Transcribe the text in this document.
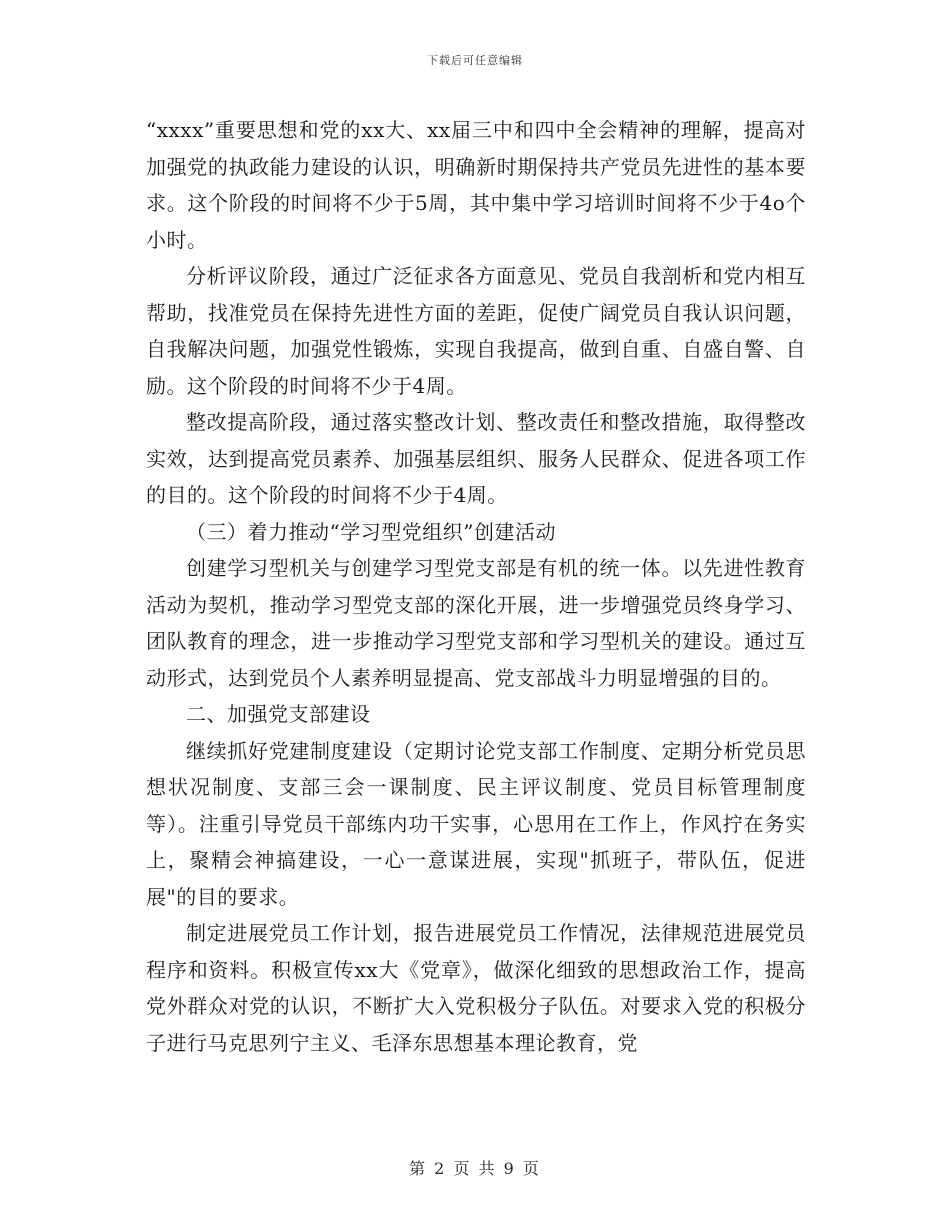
下载后可任意编辑

“xxxx”重要思想和党的xx大、xx届三中和四中全会精神的理解，提高对加强党的执政能力建设的认识，明确新时期保持共产党员先进性的基本要求。这个阶段的时间将不少于5周，其中集中学习培训时间将不少于4o个小时。

分析评议阶段，通过广泛征求各方面意见、党员自我剖析和党内相互帮助，找准党员在保持先进性方面的差距，促使广阔党员自我认识问题，自我解决问题，加强党性锻炼，实现自我提高，做到自重、自盛自警、自励。这个阶段的时间将不少于4周。

整改提高阶段，通过落实整改计划、整改责任和整改措施，取得整改实效，达到提高党员素养、加强基层组织、服务人民群众、促进各项工作的目的。这个阶段的时间将不少于4周。

（三）着力推动“学习型党组织”创建活动

创建学习型机关与创建学习型党支部是有机的统一体。以先进性教育活动为契机，推动学习型党支部的深化开展，进一步增强党员终身学习、团队教育的理念，进一步推动学习型党支部和学习型机关的建设。通过互动形式，达到党员个人素养明显提高、党支部战斗力明显增强的目的。

二、加强党支部建设

继续抓好党建制度建设（定期讨论党支部工作制度、定期分析党员思想状况制度、支部三会一课制度、民主评议制度、党员目标管理制度等）。注重引导党员干部练内功干实事，心思用在工作上，作风拧在务实上，聚精会神搞建设，一心一意谋进展，实现"抓班子，带队伍，促进展"的目的要求。

制定进展党员工作计划，报告进展党员工作情况，法律规范进展党员程序和资料。积极宣传xx大《党章》，做深化细致的思想政治工作，提高党外群众对党的认识，不断扩大入党积极分子队伍。对要求入党的积极分子进行马克思列宁主义、毛泽东思想基本理论教育，党

第 2 页 共 9 页
